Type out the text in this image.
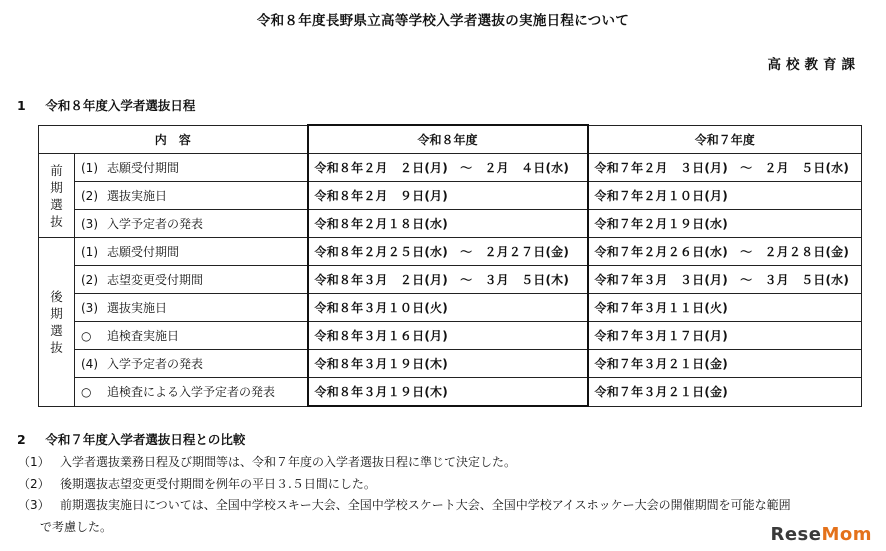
令和８年度長野県立高等学校入学者選抜の実施日程について
高校教育課
1 令和８年度入学者選抜日程
内　容		令和８年度	令和７年度

前
期
選
抜	(1) 志願受付期間	令和８年２月　２日(月)　～　２月　４日(水)	令和７年２月　３日(月)　～　２月　５日(水)
	(2) 選抜実施日	令和８年２月　９日(月)	令和７年２月１０日(月)
	(3) 入学予定者の発表	令和８年２月１８日(水)	令和７年２月１９日(水)

後
期
選
抜	(1) 志願受付期間	令和８年２月２５日(水)　～　２月２７日(金)	令和７年２月２６日(水)　～　２月２８日(金)
	(2) 志望変更受付期間	令和８年３月　２日(月)　～　３月　５日(木)	令和７年３月　３日(月)　～　３月　５日(水)
	(3) 選抜実施日	令和８年３月１０日(火)	令和７年３月１１日(火)
	○ 追検査実施日	令和８年３月１６日(月)	令和７年３月１７日(月)
	(4) 入学予定者の発表	令和８年３月１９日(木)	令和７年３月２１日(金)
	○ 追検査による入学予定者の発表	令和８年３月１９日(木)	令和７年３月２１日(金)
2 令和７年度入学者選抜日程との比較
（1） 入学者選抜業務日程及び期間等は、令和７年度の入学者選抜日程に準じて決定した。
（2） 後期選抜志望変更受付期間を例年の平日３.５日間にした。
（3） 前期選抜実施日については、全国中学校スキー大会、全国中学校スケート大会、全国中学校アイスホッケー大会の開催期間を可能な範囲
で考慮した。	ReseMom
